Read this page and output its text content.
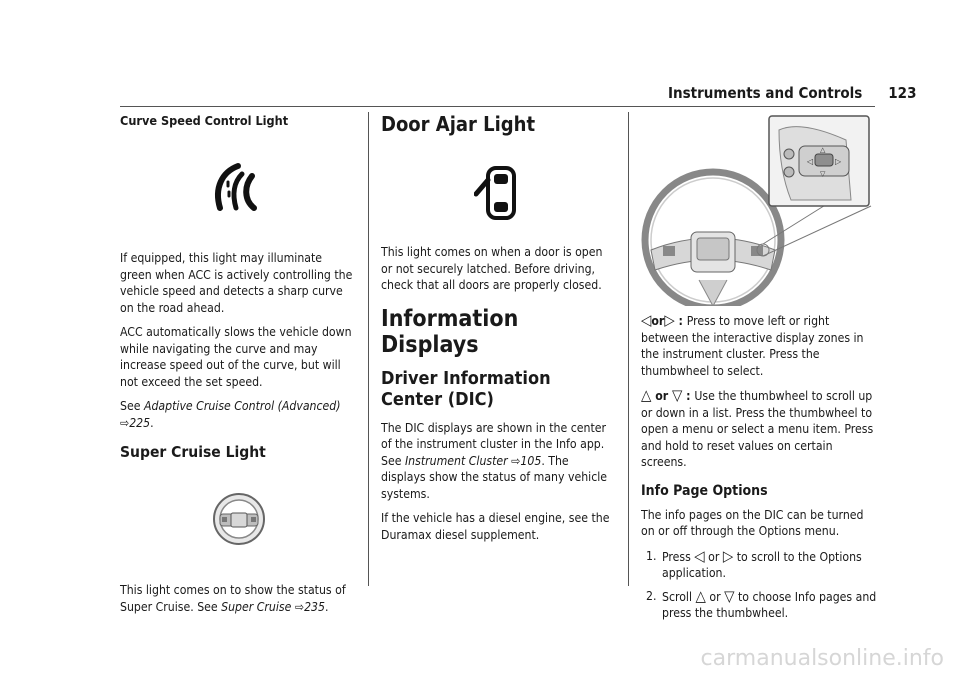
Instruments and Controls 123
Curve Speed Control Light

If equipped, this light may illuminate green when ACC is actively controlling the vehicle speed and detects a sharp curve on the road ahead.

ACC automatically slows the vehicle down while navigating the curve and may increase speed out of the curve, but will not exceed the set speed.

See Adaptive Cruise Control (Advanced)
⇨225.

Super Cruise Light

This light comes on to show the status of Super Cruise. See Super Cruise ⇨235.

Door Ajar Light

This light comes on when a door is open or not securely latched. Before driving, check that all doors are properly closed.

Information Displays
Driver Information Center (DIC)

The DIC displays are shown in the center of the instrument cluster in the Info app. See Instrument Cluster ⇨105. The displays show the status of many vehicle systems.

If the vehicle has a diesel engine, see the Duramax diesel supplement.

◁	▷
△
▽

◁or▷ : Press to move left or right between the interactive display zones in the instrument cluster. Press the thumbwheel to select.

△ or ▽ : Use the thumbwheel to scroll up or down in a list. Press the thumbwheel to open a menu or select a menu item. Press and hold to reset values on certain screens.

Info Page Options

The info pages on the DIC can be turned on or off through the Options menu.

1. Press ◁ or ▷ to scroll to the Options application.
2. Scroll △ or ▽ to choose Info pages and press the thumbwheel.
carmanualsonline.info
